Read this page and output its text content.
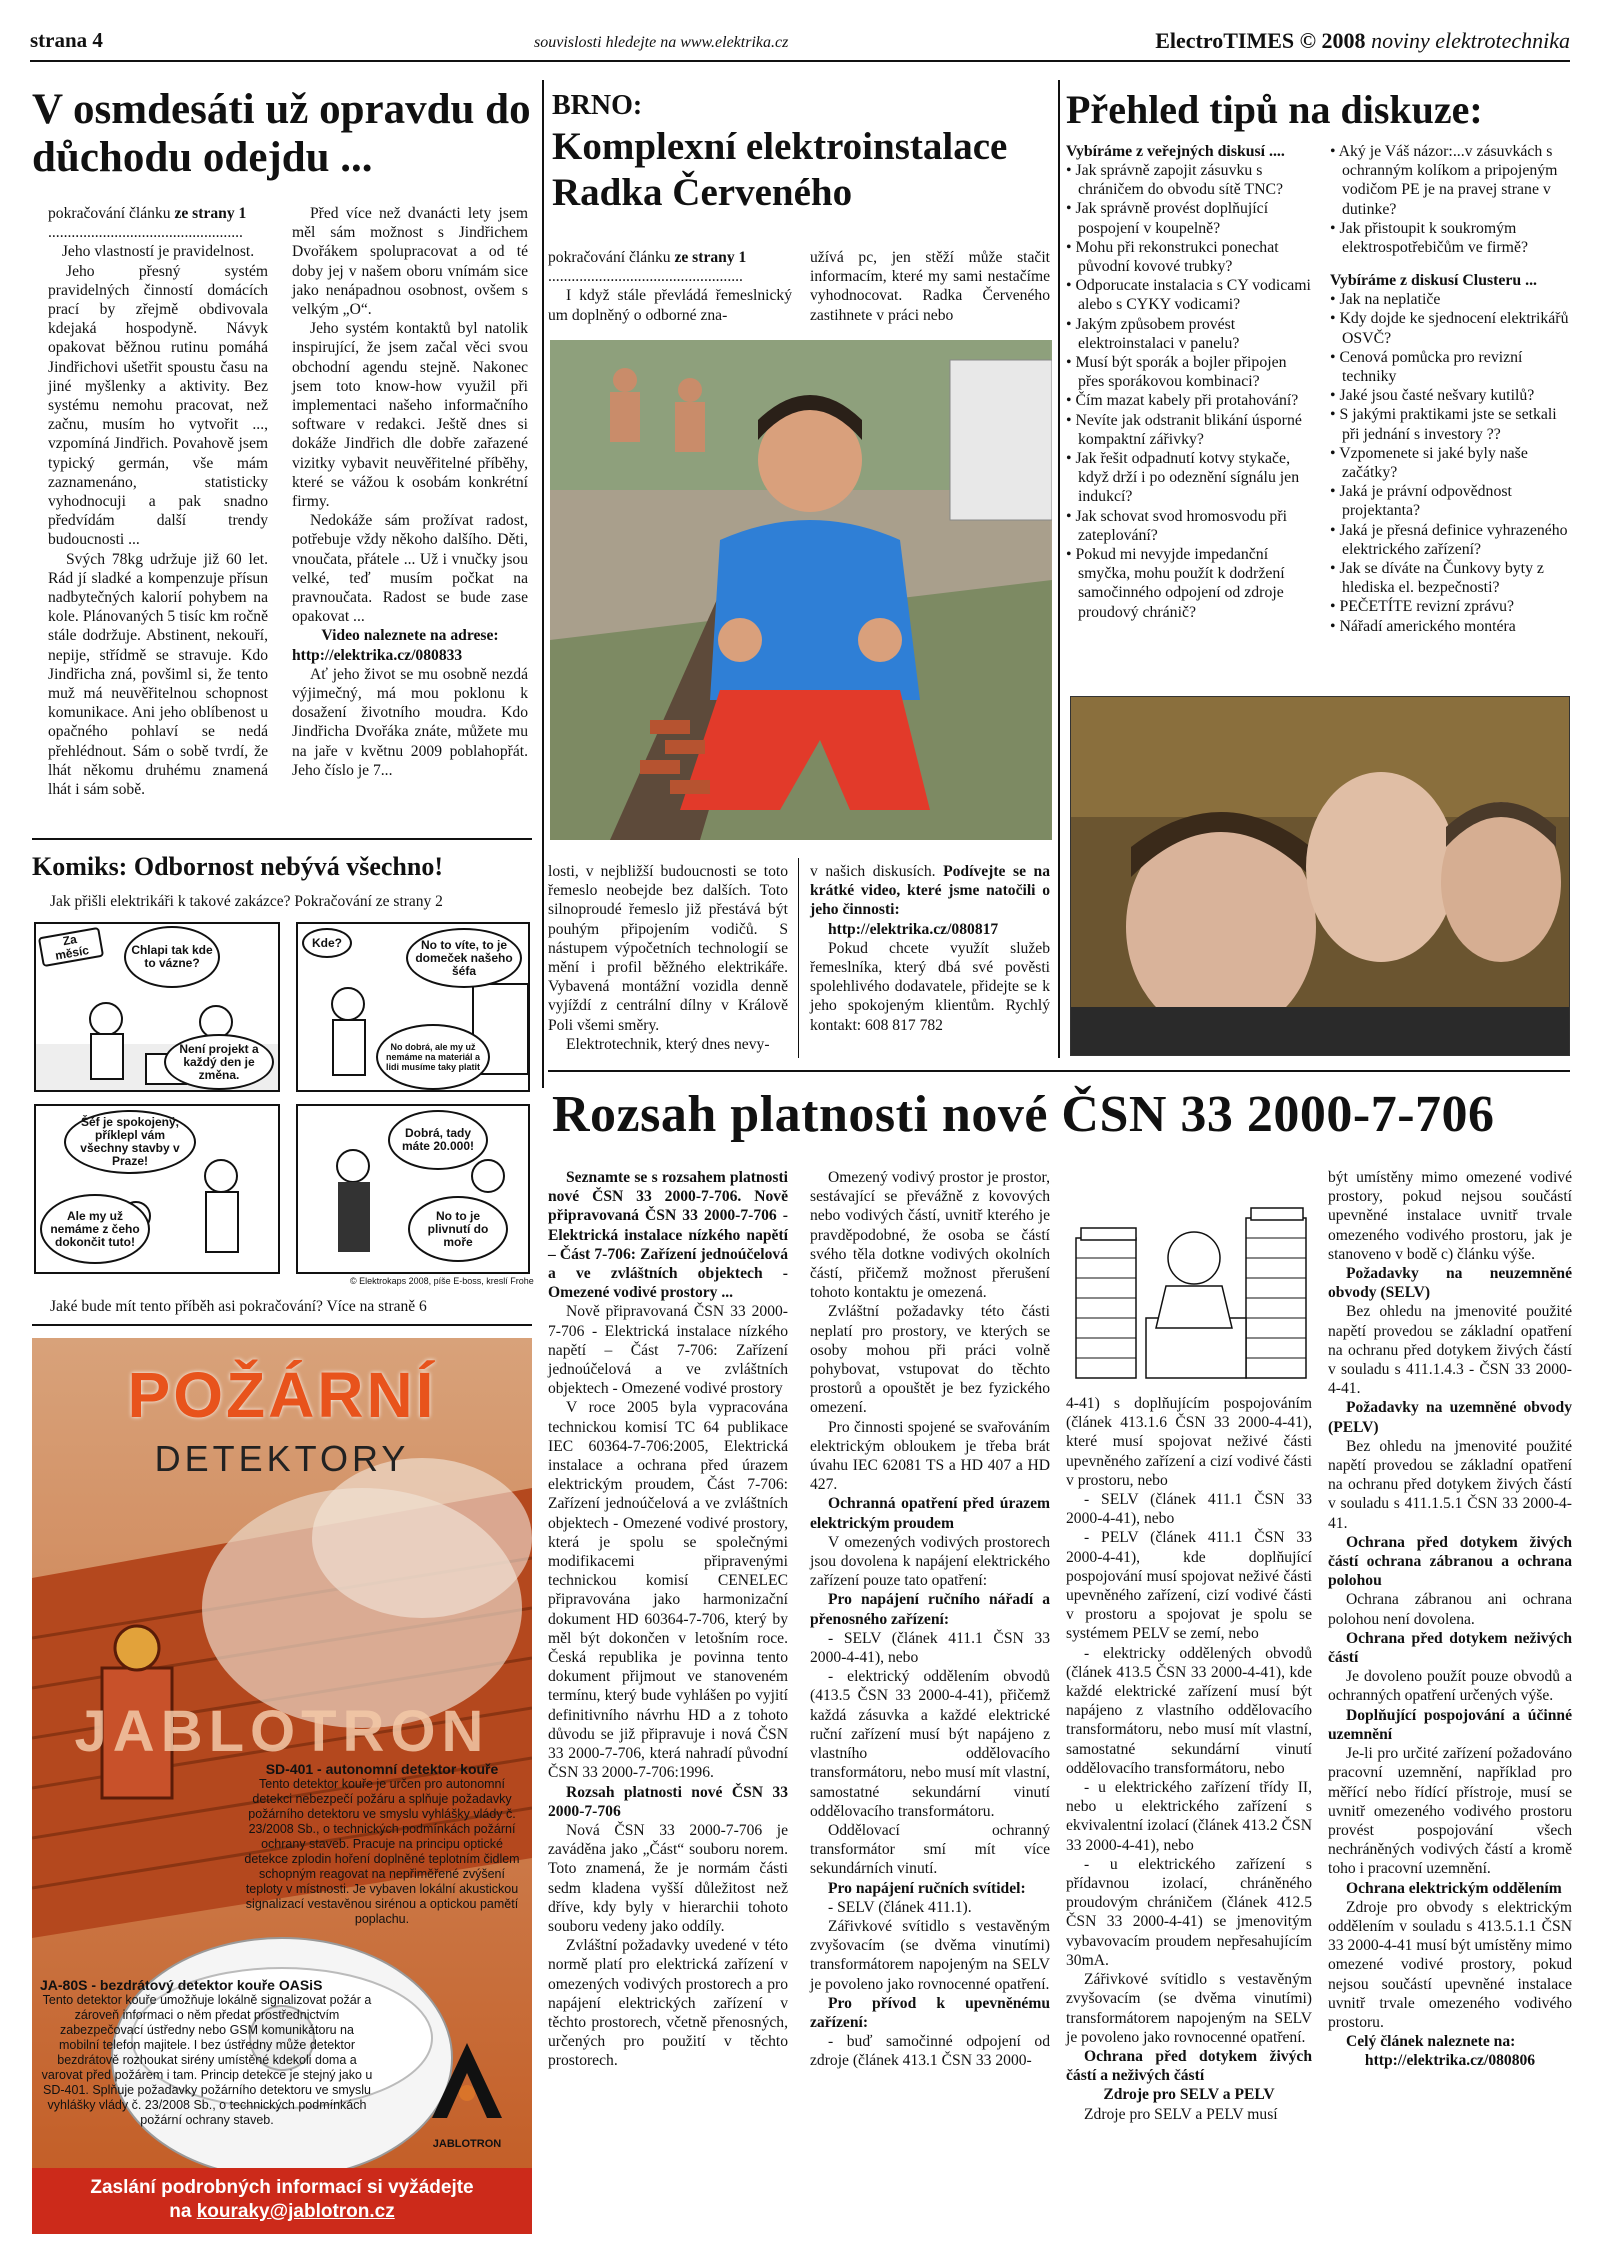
strana 4	souvislosti hledejte na www.elektrika.cz	ElectroTIMES © 2008 noviny elektrotechnika
V osmdesáti už opravdu do důchodu odejdu ...

pokračování článku ze strany 1

..................................................

Jeho vlastností je pravidelnost.

Jeho přesný systém pravidelných činností domácích prací by zřejmě obdivovala kdejaká hospodyně. Návyk opakovat běžnou rutinu pomáhá Jindřichovi ušetřit spoustu času na jiné myšlenky a aktivity. Bez systému nemohu pracovat, než začnu, musím ho vytvořit ..., vzpomíná Jindřich. Povahově jsem typický germán, vše mám zaznamenáno, statisticky vyhodnocuji a pak snadno předvídám další trendy budoucnosti ...

Svých 78kg udržuje již 60 let. Rád jí sladké a kompenzuje přísun nadbytečných kalorií pohybem na kole. Plánovaných 5 tisíc km ročně stále dodržuje. Abstinent, nekouří, nepije, střídmě se stravuje. Kdo Jindřicha zná, povšiml si, že tento muž má neuvěřitelnou schopnost komunikace. Ani jeho oblíbenost u opačného pohlaví se nedá přehlédnout. Sám o sobě tvrdí, že lhát někomu druhému znamená lhát i sám sobě.

Před více než dvanácti lety jsem měl sám možnost s Jindřichem Dvořákem spolupracovat a od té doby jej v našem oboru vnímám sice jako nenápadnou osobnost, ovšem s velkým „O“.

Jeho systém kontaktů byl natolik inspirující, že jsem začal věci svou obchodní agendu stejně. Nakonec jsem toto know-how využil při implementaci našeho informačního software v redakci. Ještě dnes si dokáže Jindřich dle dobře zařazené vizitky vybavit neuvěřitelné příběhy, které se vážou k osobám konkrétní firmy.

Nedokáže sám prožívat radost, potřebuje vždy někoho dalšího. Děti, vnoučata, přátele ... Už i vnučky jsou velké, teď musím počkat na pravnoučata. Radost se bude zase opakovat ...

Video naleznete na adrese:

http://elektrika.cz/080833

Ať jeho život se mu osobně nezdá výjimečný, má mou poklonu k dosažení životního moudra. Kdo Jindřicha Dvořáka znáte, můžete mu na jaře v květnu 2009 poblahopřát. Jeho číslo je 7...

Komiks: Odbornost nebývá všechno!
Jak přišli elektrikáři k takové zakázce? Pokračování ze strany 2
Za měsíc	Chlapi tak kde to vázne?
Není projekt a každý den je změna.
Kde?	No to víte, to je domeček našeho šéfa
No dobrá, ale my už nemáme na materiál a lidi musíme taky platit
Šéf je spokojený, příklepl vám všechny stavby v Praze!
Ale my už nemáme z čeho dokončit tuto!
Dobrá, tady máte 20.000!
No to je plivnutí do moře
© Elektrokaps 2008, píše E-boss, kreslí Frohe
Jaké bude mít tento příběh asi pokračování? Více na straně 6
POŽÁRNÍ
DETEKTORY
JABLOTRON
SD-401 - autonomní detektor kouře
Tento detektor kouře je určen pro autonomní detekci nebezpečí požáru a splňuje požadavky požárního detektoru ve smyslu vyhlášky vlády č. 23/2008 Sb., o technických podmínkách požární ochrany staveb. Pracuje na principu optické detekce zplodin hoření doplněné teplotním čidlem schopným reagovat na nepřiměřené zvýšení teploty v místnosti. Je vybaven lokální akustickou signalizací vestavěnou sirénou a optickou pamětí poplachu.
JA-80S - bezdrátový detektor kouře OASiS
Tento detektor kouře umožňuje lokálně signalizovat požár a zároveň informaci o něm předat prostřednictvím zabezpečovací ústředny nebo GSM komunikátoru na mobilní telefon majitele. I bez ústředny může detektor bezdrátově rozhoukat sirény umístěné kdekoli doma a varovat před požárem i tam. Princip detekce je stejný jako u SD-401. Splňuje požadavky požárního detektoru ve smyslu vyhlášky vlády č. 23/2008 Sb., o technických podmínkách požární ochrany staveb.
JABLOTRON
Zaslání podrobných informací si vyžádejte
na kouraky@jablotron.cz
BRNO:
Komplexní elektroinstalace Radka Červeného

pokračování článku ze strany 1

..................................................

I když stále převládá řemeslnický um doplněný o odborné zna-

užívá pc, jen stěží může stačit informacím, které my sami nestačíme vyhodnocovat. Radka Červeného zastihnete v práci nebo

losti, v nejbližší budoucnosti se toto řemeslo neobejde bez dalších. Toto silnoproudé řemeslo již přestává být pouhým připojením vodičů. S nástupem výpočetních technologií se mění i profil běžného elektrikáře. Vybavená montážní vozidla denně vyjíždí z centrální dílny v Králově Poli všemi směry.

Elektrotechnik, který dnes nevy-

v našich diskusích. Podívejte se na krátké video, které jsme natočili o jeho činnosti:

http://elektrika.cz/080817

Pokud chcete využít služeb řemeslníka, který dbá své pověsti spolehlivého dodavatele, přidejte se k jeho spokojeným klientům. Rychlý kontakt: 608 817 782

Přehled tipů na diskuze:
Vybíráme z veřejných diskusí ....
• Jak správně zapojit zásuvku s chráničem do obvodu sítě TNC?
• Jak správně provést doplňující pospojení v koupelně?
• Mohu při rekonstrukci ponechat původní kovové trubky?
• Odporucate instalacia s CY vodicami alebo s CYKY vodicami?
• Jakým způsobem provést elektroinstalaci v panelu?
• Musí být sporák a bojler připojen přes sporákovou kombinaci?
• Čím mazat kabely při protahování?
• Nevíte jak odstranit blikání úsporné kompaktní zářivky?
• Jak řešit odpadnutí kotvy stykače, když drží i po odeznění sígnálu jen indukcí?
• Jak schovat svod hromosvodu při zateplování?
• Pokud mi nevyjde impedanční smyčka, mohu použít k dodržení samočinného odpojení od zdroje proudový chránič?
• Aký je Váš názor:...v zásuvkách s ochranným kolíkom a pripojeným vodičom PE je na pravej strane v dutinke?
• Jak přistoupit k soukromým elektrospotřebičům ve firmě?
Vybíráme z diskusí Clusteru ...
• Jak na neplatiče
• Kdy dojde ke sjednocení elektrikářů OSVČ?
• Cenová pomůcka pro revizní techniky
• Jaké jsou časté nešvary kutilů?
• S jakými praktikami jste se setkali při jednání s investory ??
• Vzpomenete si jaké byly naše začátky?
• Jaká je právní odpovědnost projektanta?
• Jaká je přesná definice vyhrazeného elektrického zařízení?
• Jak se díváte na Čunkovy byty z hlediska el. bezpečnosti?
• PEČETÍTE revizní zprávu?
• Nářadí amerického montéra
Rozsah platnosti nové ČSN 33 2000-7-706

Seznamte se s rozsahem platnosti nové ČSN 33 2000-7-706. Nově připravovaná ČSN 33 2000-7-706 - Elektrická instalace nízkého napětí – Část 7-706: Zařízení jednoúčelová a ve zvláštních objektech - Omezené vodivé prostory ...

Nově připravovaná ČSN 33 2000-7-706 - Elektrická instalace nízkého napětí – Část 7-706: Zařízení jednoúčelová a ve zvláštních objektech - Omezené vodivé prostory

V roce 2005 byla vypracována technickou komisí TC 64 publikace IEC 60364-7-706:2005, Elektrická instalace a ochrana před úrazem elektrickým proudem, Část 7-706: Zařízení jednoúčelová a ve zvláštních objektech - Omezené vodivé prostory, která je spolu se společnými modifikacemi připravenými technickou komisí CENELEC připravována jako harmonizační dokument HD 60364-7-706, který by měl být dokončen v letošním roce. Česká republika je povinna tento dokument přijmout ve stanoveném termínu, který bude vyhlášen po vyjití definitivního návrhu HD a z tohoto důvodu se již připravuje i nová ČSN 33 2000-7-706, která nahradí původní ČSN 33 2000-7-706:1996.

Rozsah platnosti nové ČSN 33 2000-7-706

Nová ČSN 33 2000-7-706 je zaváděna jako „Část“ souboru norem. Toto znamená, že je normám části sedm kladena vyšší důležitost než dříve, kdy byly v hierarchii tohoto souboru vedeny jako oddíly.

Zvláštní požadavky uvedené v této normě platí pro elektrická zařízení v omezených vodivých prostorech a pro napájení elektrických zařízení v těchto prostorech, včetně přenosných, určených pro použití v těchto prostorech.

Omezený vodivý prostor je prostor, sestávající se převážně z kovových nebo vodivých částí, uvnitř kterého je pravděpodobné, že osoba se částí svého těla dotkne vodivých okolních částí, přičemž možnost přerušení tohoto kontaktu je omezená.

Zvláštní požadavky této části neplatí pro prostory, ve kterých se osoby mohou při práci volně pohybovat, vstupovat do těchto prostorů a opouštět je bez fyzického omezení.

Pro činnosti spojené se svařováním elektrickým obloukem je třeba brát úvahu IEC 62081 TS a HD 407 a HD 427.

Ochranná opatření před úrazem elektrickým proudem

V omezených vodivých prostorech jsou dovolena k napájení elektrického zařízení pouze tato opatření:

Pro napájení ručního nářadí a přenosného zařízení:

- SELV (článek 411.1 ČSN 33 2000-4-41), nebo

- elektrický oddělením obvodů (413.5 ČSN 33 2000-4-41), přičemž každá zásuvka a každé elektrické ruční zařízení musí být napájeno z vlastního oddělovacího transformátoru, nebo musí mít vlastní, samostatné sekundární vinutí oddělovacího transformátoru.

Oddělovací ochranný transformátor smí mít více sekundárních vinutí.

Pro napájení ručních svítidel:

- SELV (článek 411.1).

Zářivkové svítidlo s vestavěným zvyšovacím (se dvěma vinutími) transformátorem napojeným na SELV je povoleno jako rovnocenné opatření.

Pro přívod k upevněnému zařízení:

- buď samočinné odpojení od zdroje (článek 413.1 ČSN 33 2000-

4-41) s doplňujícím pospojováním (článek 413.1.6 ČSN 33 2000-4-41), které musí spojovat neživé části upevněného zařízení a cizí vodivé části v prostoru, nebo

- SELV (článek 411.1 ČSN 33 2000-4-41), nebo

- PELV (článek 411.1 ČSN 33 2000-4-41), kde doplňující pospojování musí spojovat neživé části upevněného zařízení, cizí vodivé části v prostoru a spojovat je spolu se systémem PELV se zemí, nebo

- elektricky oddělených obvodů (článek 413.5 ČSN 33 2000-4-41), kde každé elektrické zařízení musí být napájeno z vlastního oddělovacího transformátoru, nebo musí mít vlastní, samostatné sekundární vinutí oddělovacího transformátoru, nebo

- u elektrického zařízení třídy II, nebo u elektrického zařízení s ekvivalentní izolací (článek 413.2 ČSN 33 2000-4-41), nebo

- u elektrického zařízení s přídavnou izolací, chráněného proudovým chráničem (článek 412.5 ČSN 33 2000-4-41) se jmenovitým vybavovacím proudem nepřesahujícím 30mA.

Zářivkové svítidlo s vestavěným zvyšovacím (se dvěma vinutími) transformátorem napojeným na SELV je povoleno jako rovnocenné opatření.

Ochrana před dotykem živých částí a neživých částí

Zdroje pro SELV a PELV

Zdroje pro SELV a PELV musí

být umístěny mimo omezené vodivé prostory, pokud nejsou součástí upevněné instalace uvnitř trvale omezeného vodivého prostoru, jak je stanoveno v bodě c) článku výše.

Požadavky na neuzemněné obvody (SELV)

Bez ohledu na jmenovité použité napětí provedou se základní opatření na ochranu před dotykem živých částí v souladu s 411.1.4.3 - ČSN 33 2000-4-41.

Požadavky na uzemněné obvody (PELV)

Bez ohledu na jmenovité použité napětí provedou se základní opatření na ochranu před dotykem živých částí v souladu s 411.1.5.1 ČSN 33 2000-4-41.

Ochrana před dotykem živých částí ochrana zábranou a ochrana polohou

Ochrana zábranou ani ochrana polohou není dovolena.

Ochrana před dotykem neživých částí

Je dovoleno použít pouze obvodů a ochranných opatření určených výše.

Doplňující pospojování a účinné uzemnění

Je-li pro určité zařízení požadováno pracovní uzemnění, například pro měřící nebo řídící přístroje, musí se uvnitř omezeného vodivého prostoru provést pospojování všech nechráněných vodivých částí a kromě toho i pracovní uzemnění.

Ochrana elektrickým oddělením

Zdroje pro obvody s elektrickým oddělením v souladu s 413.5.1.1 ČSN 33 2000-4-41 musí být umístěny mimo omezené vodivé prostory, pokud nejsou součástí upevněné instalace uvnitř trvale omezeného vodivého prostoru.

Celý článek naleznete na:

http://elektrika.cz/080806
